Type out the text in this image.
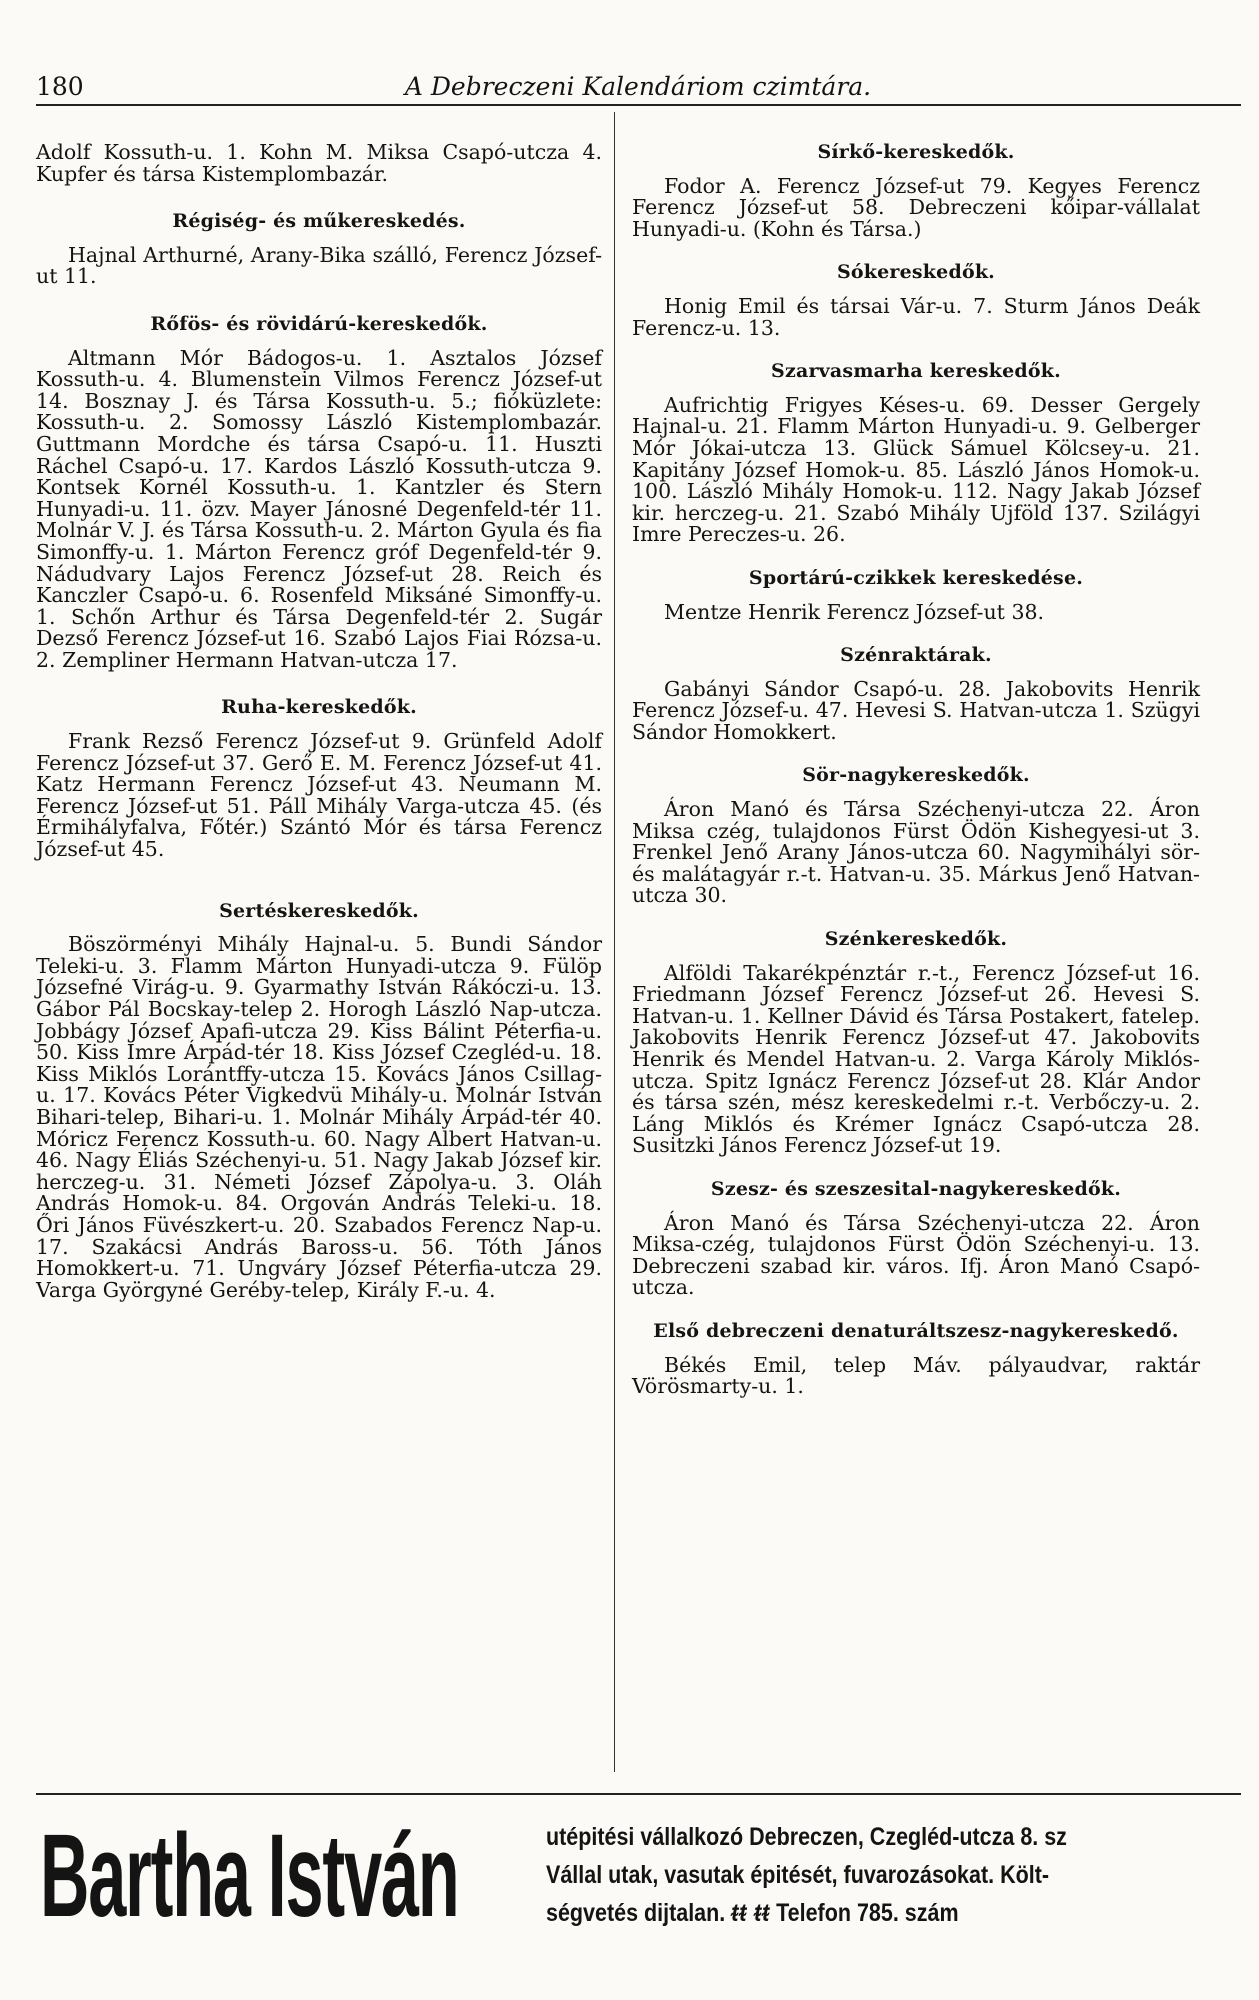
180	A Debreczeni Kalendáriom czimtára.

Adolf Kossuth-u. 1. Kohn M. Miksa Csapó-utcza 4. Kupfer és társa Kistemplombazár.

Régiség- és műkereskedés.

Hajnal Arthurné, Arany-Bika szálló, Ferencz József-ut 11.

Rőfös- és rövidárú-kereskedők.

Altmann Mór Bádogos-u. 1. Asztalos József Kossuth-u. 4. Blumenstein Vilmos Ferencz József-ut 14. Bosznay J. és Társa Kossuth-u. 5.; fióküzlete: Kossuth-u. 2. Somossy László Kistemplombazár. Guttmann Mordche és társa Csapó-u. 11. Huszti Ráchel Csapó-u. 17. Kardos László Kossuth-utcza 9. Kontsek Kornél Kossuth-u. 1. Kantzler és Stern Hunyadi-u. 11. özv. Mayer Jánosné Degenfeld-tér 11. Molnár V. J. és Társa Kossuth-u. 2. Márton Gyula és fia Simonffy-u. 1. Márton Ferencz gróf Degenfeld-tér 9. Nádudvary Lajos Ferencz József-ut 28. Reich és Kanczler Csapó-u. 6. Rosenfeld Miksáné Simonffy-u. 1. Schőn Arthur és Társa Degenfeld-tér 2. Sugár Dezső Ferencz József-ut 16. Szabó Lajos Fiai Rózsa-u. 2. Zempliner Hermann Hatvan-utcza 17.

Ruha-kereskedők.

Frank Rezső Ferencz József-ut 9. Grünfeld Adolf Ferencz József-ut 37. Gerő E. M. Ferencz József-ut 41. Katz Hermann Ferencz József-ut 43. Neumann M. Ferencz József-ut 51. Páll Mihály Varga-utcza 45. (és Érmihályfalva, Főtér.) Szántó Mór és társa Ferencz József-ut 45.

Sertéskereskedők.

Böszörményi Mihály Hajnal-u. 5. Bundi Sándor Teleki-u. 3. Flamm Márton Hunyadi-utcza 9. Fülöp Józsefné Virág-u. 9. Gyarmathy István Rákóczi-u. 13. Gábor Pál Bocskay-telep 2. Horogh László Nap-utcza. Jobbágy József Apafi-utcza 29. Kiss Bálint Péterfia-u. 50. Kiss Imre Árpád-tér 18. Kiss József Czegléd-u. 18. Kiss Miklós Lorántffy-utcza 15. Kovács János Csillag-u. 17. Kovács Péter Vigkedvü Mihály-u. Molnár István Bihari-telep, Bihari-u. 1. Molnár Mihály Árpád-tér 40. Móricz Ferencz Kossuth-u. 60. Nagy Albert Hatvan-u. 46. Nagy Éliás Széchenyi-u. 51. Nagy Jakab József kir. herczeg-u. 31. Németi József Zápolya-u. 3. Oláh András Homok-u. 84. Orgován András Teleki-u. 18. Őri János Füvészkert-u. 20. Szabados Ferencz Nap-u. 17. Szakácsi András Baross-u. 56. Tóth János Homokkert-u. 71. Ungváry József Péterfia-utcza 29. Varga Györgyné Geréby-telep, Király F.-u. 4.

Sírkő-kereskedők.

Fodor A. Ferencz József-ut 79. Kegyes Ferencz Ferencz József-ut 58. Debreczeni kőipar-vállalat Hunyadi-u. (Kohn és Társa.)

Sókereskedők.

Honig Emil és társai Vár-u. 7. Sturm János Deák Ferencz-u. 13.

Szarvasmarha kereskedők.

Aufrichtig Frigyes Késes-u. 69. Desser Gergely Hajnal-u. 21. Flamm Márton Hunyadi-u. 9. Gelberger Mór Jókai-utcza 13. Glück Sámuel Kölcsey-u. 21. Kapitány József Homok-u. 85. László János Homok-u. 100. László Mihály Homok-u. 112. Nagy Jakab József kir. herczeg-u. 21. Szabó Mihály Ujföld 137. Szilágyi Imre Pereczes-u. 26.

Sportárú-czikkek kereskedése.

Mentze Henrik Ferencz József-ut 38.

Szénraktárak.

Gabányi Sándor Csapó-u. 28. Jakobovits Henrik Ferencz József-u. 47. Hevesi S. Hatvan-utcza 1. Szügyi Sándor Homokkert.

Sör-nagykereskedők.

Áron Manó és Társa Széchenyi-utcza 22. Áron Miksa czég, tulajdonos Fürst Ödön Kishegyesi-ut 3. Frenkel Jenő Arany János-utcza 60. Nagymihályi sör- és malátagyár r.-t. Hatvan-u. 35. Márkus Jenő Hatvan-utcza 30.

Szénkereskedők.

Alföldi Takarékpénztár r.-t., Ferencz József-ut 16. Friedmann József Ferencz József-ut 26. Hevesi S. Hatvan-u. 1. Kellner Dávid és Társa Postakert, fatelep. Jakobovits Henrik Ferencz József-ut 47. Jakobovits Henrik és Mendel Hatvan-u. 2. Varga Károly Miklós-utcza. Spitz Ignácz Ferencz József-ut 28. Klár Andor és társa szén, mész kereskedelmi r.-t. Verbőczy-u. 2. Láng Miklós és Krémer Ignácz Csapó-utcza 28. Susitzki János Ferencz József-ut 19.

Szesz- és szeszesital-nagykereskedők.

Áron Manó és Társa Széchenyi-utcza 22. Áron Miksa-czég, tulajdonos Fürst Ödön Széchenyi-u. 13. Debreczeni szabad kir. város. Ifj. Áron Manó Csapó-utcza.

Első debreczeni denaturáltszesz-nagykereskedő.

Békés Emil, telep Máv. pályaudvar, raktár Vörösmarty-u. 1.

Bartha István	utépitési vállalkozó Debreczen, Czegléd-utcza 8. sz
Vállal utak, vasutak épitését, fuvarozásokat. Költ-
ségvetés dijtalan. ᵵᵵ ᵵᵵ Telefon 785. szám
